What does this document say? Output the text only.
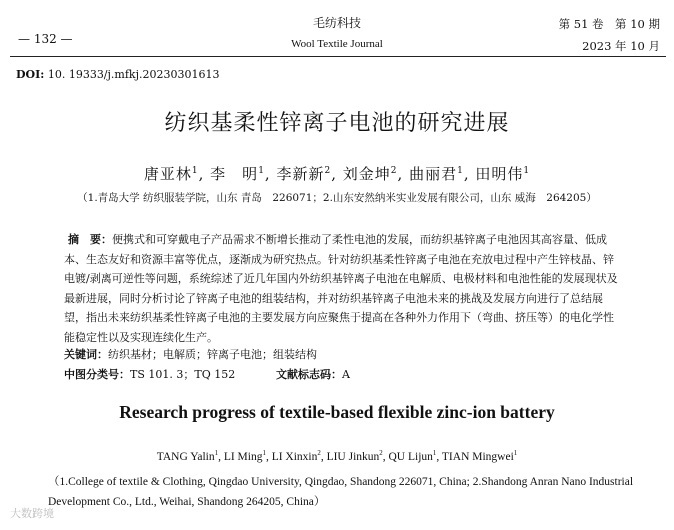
毛纺科技
— 132 —	Wool Textile Journal
第 51 卷　第 10 期
2023 年 10 月
DOI: 10. 19333/j.mfkj.20230301613
纺织基柔性锌离子电池的研究进展
唐亚林$^1$, 李　明$^1$, 李新新$^2$, 刘金坤$^2$, 曲丽君$^1$, 田明伟$^1$
（1.青岛大学 纺织服装学院，山东 青岛　226071；2.山东安然纳米实业发展有限公司，山东 威海　264205）
摘　要：便携式和可穿戴电子产品需求不断增长推动了柔性电池的发展，而纺织基锌离子电池因其高容量、低成本、生态友好和资源丰富等优点，逐渐成为研究热点。针对纺织基柔性锌离子电池在充放电过程中产生锌枝晶、锌电镀/剥离可逆性等问题，系统综述了近几年国内外纺织基锌离子电池在电解质、电极材料和电池性能的发展现状及最新进展，同时分析讨论了锌离子电池的组装结构，并对纺织基锌离子电池未来的挑战及发展方向进行了总结展望，指出未来纺织基柔性锌离子电池的主要发展方向应聚焦于提高在各种外力作用下（弯曲、挤压等）的电化学性能稳定性以及实现连续化生产。
关键词：纺织基材；电解质；锌离子电池；组装结构
中图分类号：TS 101. 3；TQ 152	文献标志码：A
Research progress of textile-based flexible zinc-ion battery
TANG Yalin$^1$, LI Ming$^1$, LI Xinxin$^2$, LIU Jinkun$^2$, QU Lijun$^1$, TIAN Mingwei$^1$
（1.College of textile & Clothing, Qingdao University, Qingdao, Shandong 226071, China; 2.Shandong Anran Nano Industrial Development Co., Ltd., Weihai, Shandong 264205, China）
大数跨境
